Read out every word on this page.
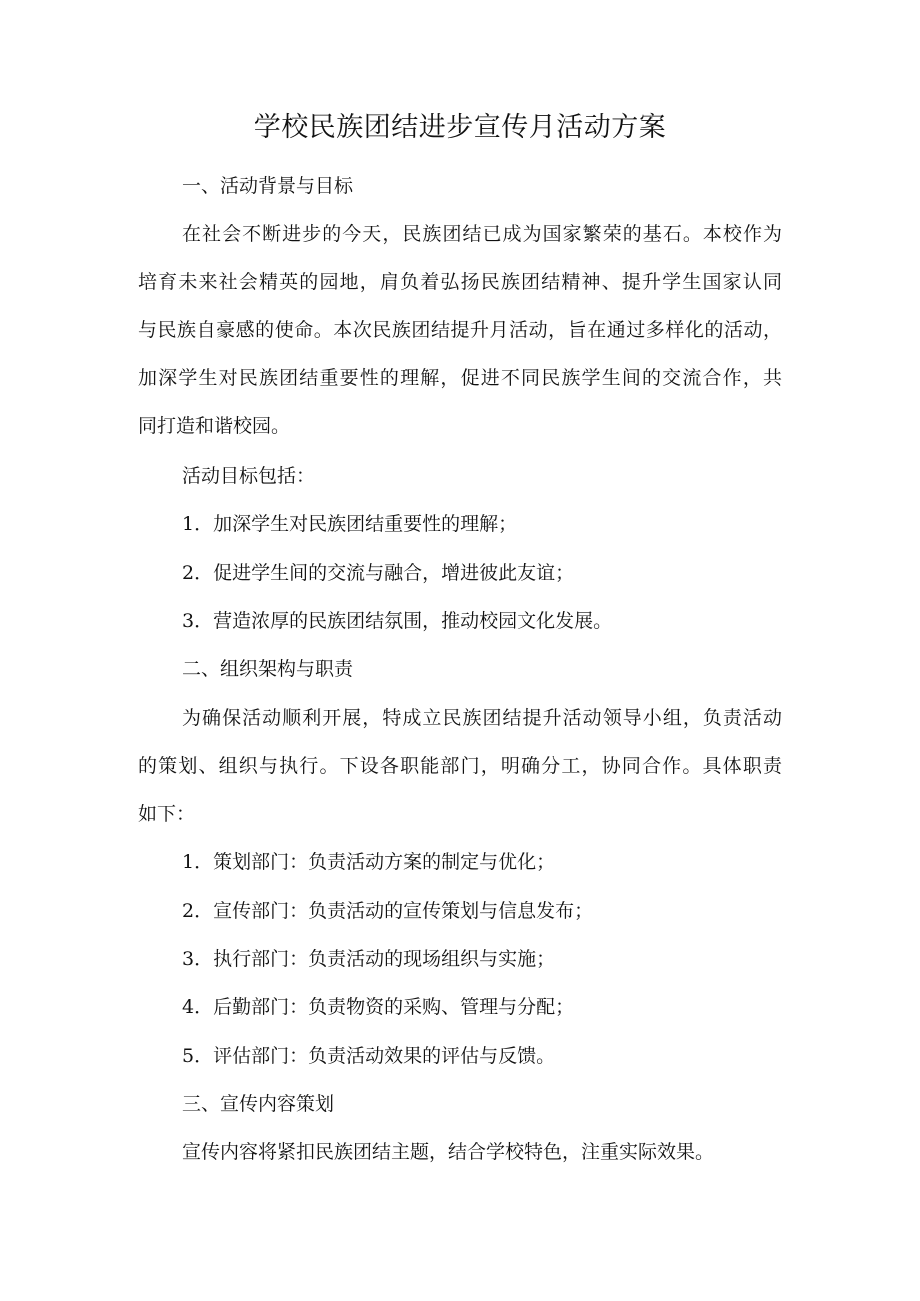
学校民族团结进步宣传月活动方案
一、活动背景与目标
在社会不断进步的今天，民族团结已成为国家繁荣的基石。本校作为
培育未来社会精英的园地，肩负着弘扬民族团结精神、提升学生国家认同
与民族自豪感的使命。本次民族团结提升月活动，旨在通过多样化的活动，
加深学生对民族团结重要性的理解，促进不同民族学生间的交流合作，共
同打造和谐校园。
活动目标包括：
1．加深学生对民族团结重要性的理解；
2．促进学生间的交流与融合，增进彼此友谊；
3．营造浓厚的民族团结氛围，推动校园文化发展。
二、组织架构与职责
为确保活动顺利开展，特成立民族团结提升活动领导小组，负责活动
的策划、组织与执行。下设各职能部门，明确分工，协同合作。具体职责
如下：
1．策划部门：负责活动方案的制定与优化；
2．宣传部门：负责活动的宣传策划与信息发布；
3．执行部门：负责活动的现场组织与实施；
4．后勤部门：负责物资的采购、管理与分配；
5．评估部门：负责活动效果的评估与反馈。
三、宣传内容策划
宣传内容将紧扣民族团结主题，结合学校特色，注重实际效果。
